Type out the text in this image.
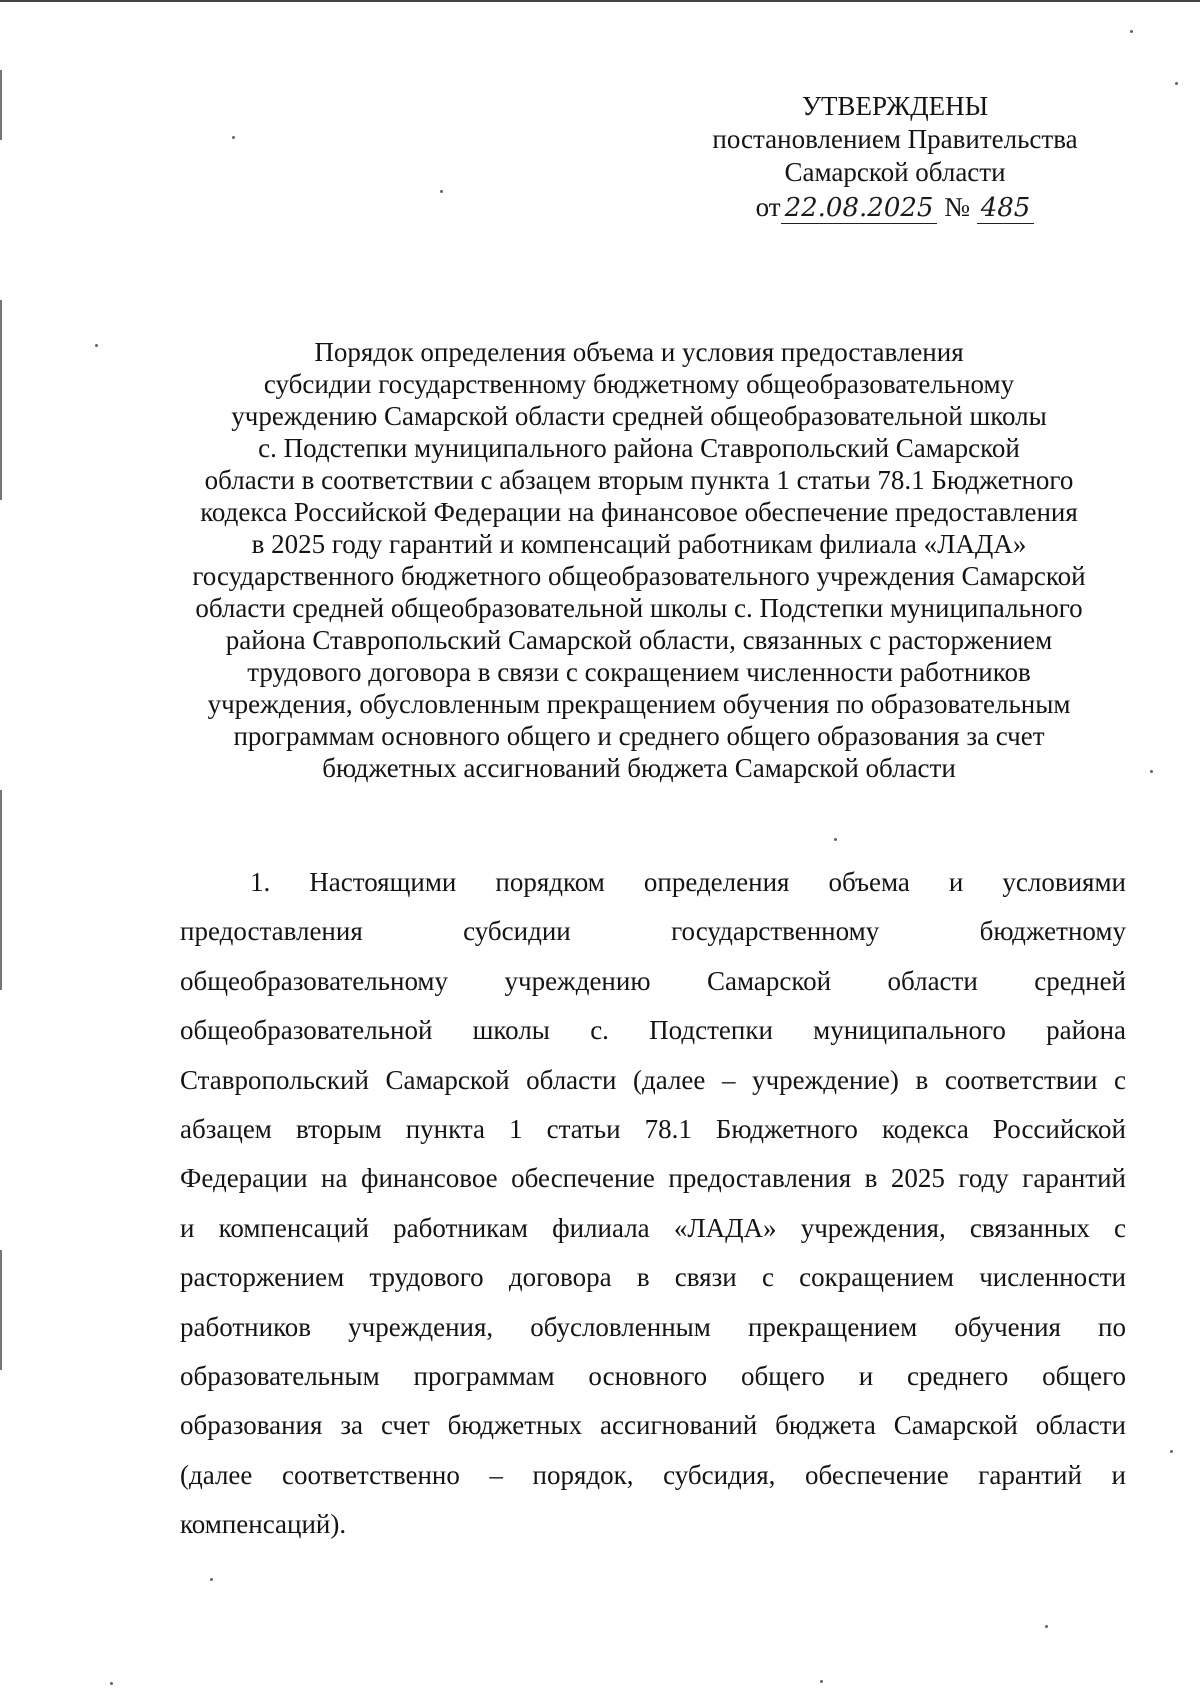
УТВЕРЖДЕНЫ
постановлением Правительства
Самарской области
от 22.08.2025 № 485
Порядок определения объема и условия предоставления
субсидии государственному бюджетному общеобразовательному
учреждению Самарской области средней общеобразовательной школы
с. Подстепки муниципального района Ставропольский Самарской
области в соответствии с абзацем вторым пункта 1 статьи 78.1 Бюджетного
кодекса Российской Федерации на финансовое обеспечение предоставления
в 2025 году гарантий и компенсаций работникам филиала «ЛАДА»
государственного бюджетного общеобразовательного учреждения Самарской
области средней общеобразовательной школы с. Подстепки муниципального
района Ставропольский Самарской области, связанных с расторжением
трудового договора в связи с сокращением численности работников
учреждения, обусловленным прекращением обучения по образовательным
программам основного общего и среднего общего образования за счет
бюджетных ассигнований бюджета Самарской области
1. Настоящими порядком определения объема и условиями
предоставления субсидии государственному бюджетному
общеобразовательному учреждению Самарской области средней
общеобразовательной школы с. Подстепки муниципального района
Ставропольский Самарской области (далее – учреждение) в соответствии с
абзацем вторым пункта 1 статьи 78.1 Бюджетного кодекса Российской
Федерации на финансовое обеспечение предоставления в 2025 году гарантий
и компенсаций работникам филиала «ЛАДА» учреждения, связанных с
расторжением трудового договора в связи с сокращением численности
работников учреждения, обусловленным прекращением обучения по
образовательным программам основного общего и среднего общего
образования за счет бюджетных ассигнований бюджета Самарской области
(далее соответственно – порядок, субсидия, обеспечение гарантий и
компенсаций).
